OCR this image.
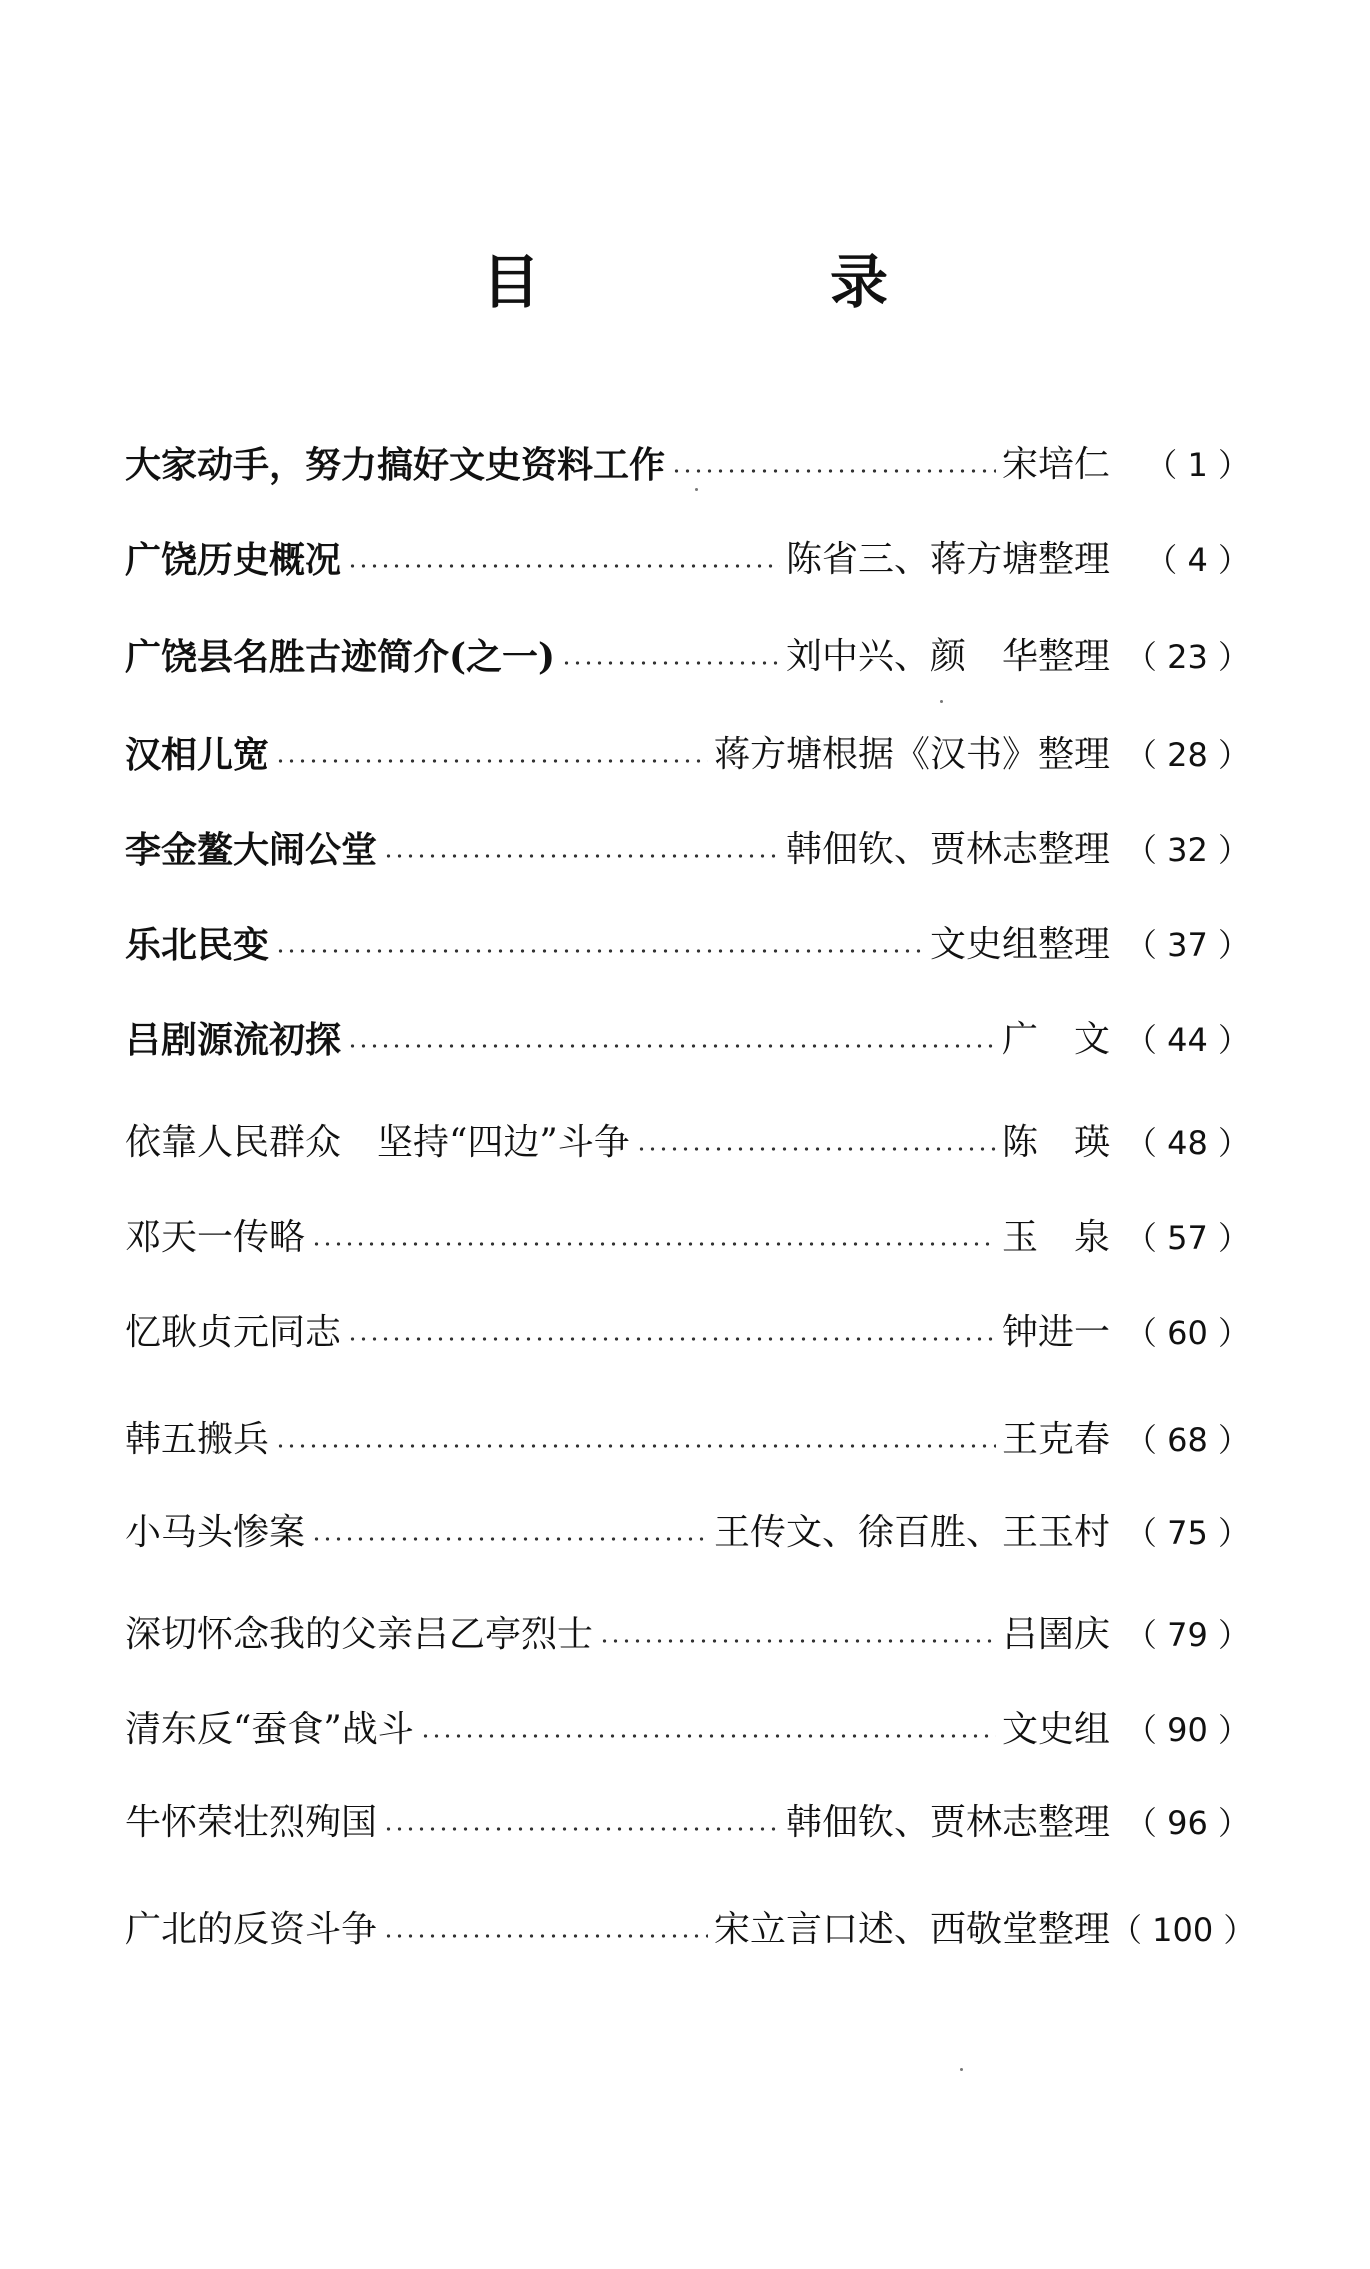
目　　　　　录
大家动手，努力搞好文史资料工作	宋培仁	（ 1 ）
广饶历史概况	陈省三、蒋方塘整理	（ 4 ）
广饶县名胜古迹简介(之一)	刘中兴、颜　华整理 （ 23 ）
汉相儿宽	蒋方塘根据《汉书》整理 （ 28 ）
李金鳌大闹公堂	韩佃钦、贾林志整理 （ 32 ）
乐北民变	文史组整理 （ 37 ）
吕剧源流初探	广　文 （ 44 ）
依靠人民群众　坚持“四边”斗争	陈　瑛 （ 48 ）
邓天一传略	玉　泉 （ 57 ）
忆耿贞元同志	钟进一 （ 60 ）
韩五搬兵	王克春 （ 68 ）
小马头惨案	王传文、徐百胜、王玉村 （ 75 ）
深切怀念我的父亲吕乙亭烈士	吕圉庆 （ 79 ）
清东反“蚕食”战斗	文史组 （ 90 ）
牛怀荣壮烈殉国	韩佃钦、贾林志整理 （ 96 ）
广北的反资斗争	宋立言口述、西敬堂整理 （ 100 ）
